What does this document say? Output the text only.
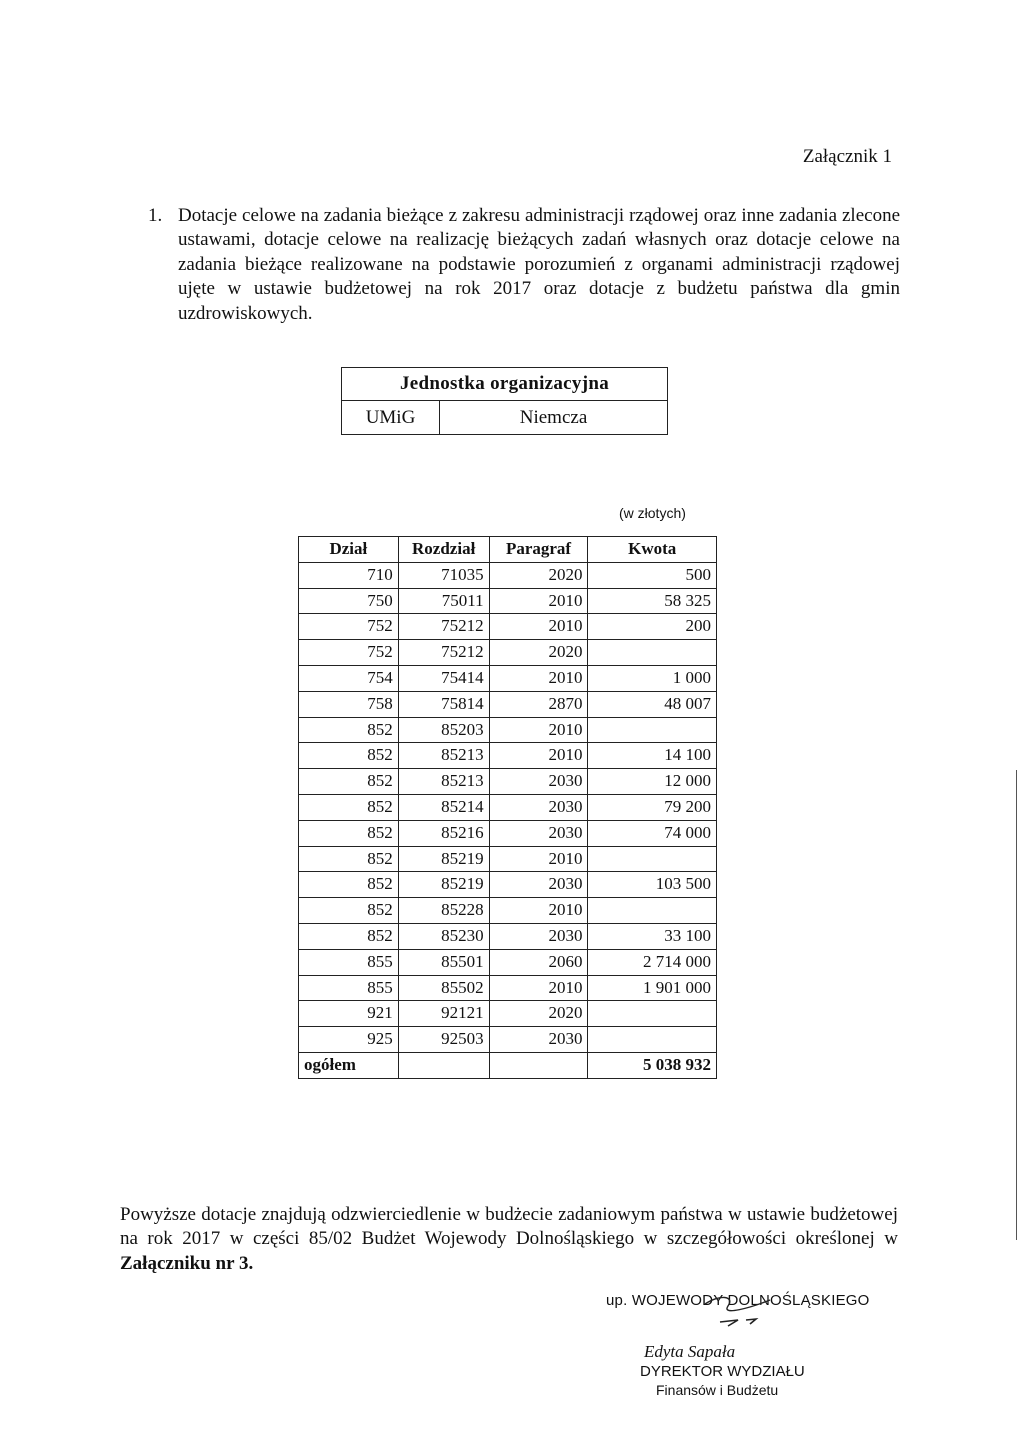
Załącznik 1
1. Dotacje celowe na zadania bieżące z zakresu administracji rządowej oraz inne zadania zlecone ustawami, dotacje celowe na realizację bieżących zadań własnych oraz dotacje celowe na zadania bieżące realizowane na podstawie porozumień z organami administracji rządowej ujęte w ustawie budżetowej na rok 2017 oraz dotacje z budżetu państwa dla gmin uzdrowiskowych.
Jednostka organizacyjna
UMiG	Niemcza
(w złotych)
Dział	Rozdział	Paragraf	Kwota
710	71035	2020	500
750	75011	2010	58 325
752	75212	2010	200
752	75212	2020	
754	75414	2010	1 000
758	75814	2870	48 007
852	85203	2010	
852	85213	2010	14 100
852	85213	2030	12 000
852	85214	2030	79 200
852	85216	2030	74 000
852	85219	2010	
852	85219	2030	103 500
852	85228	2010	
852	85230	2030	33 100
855	85501	2060	2 714 000
855	85502	2010	1 901 000
921	92121	2020	
925	92503	2030	
ogółem			5 038 932
Powyższe dotacje znajdują odzwierciedlenie w budżecie zadaniowym państwa w ustawie budżetowej na rok 2017 w części 85/02 Budżet Wojewody Dolnośląskiego w szczegółowości określonej w Załączniku nr 3.
up. WOJEWODY DOLNOŚLĄSKIEGO
Edyta Sapała
DYREKTOR WYDZIAŁU
Finansów i Budżetu
